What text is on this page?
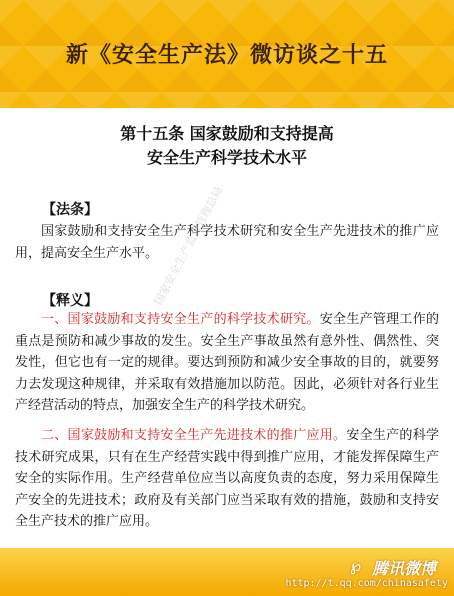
新《安全生产法》微访谈之十五
第十五条 国家鼓励和支持提高
安全生产科学技术水平
【法条】
国家鼓励和支持安全生产科学技术研究和安全生产先进技术的推广应用，提高安全生产水平。
【释义】
一、国家鼓励和支持安全生产的科学技术研究。安全生产管理工作的重点是预防和减少事故的发生。安全生产事故虽然有意外性、偶然性、突发性，但它也有一定的规律。要达到预防和减少安全事故的目的，就要努力去发现这种规律，并采取有效措施加以防范。因此，必须针对各行业生产经营活动的特点，加强安全生产的科学技术研究。
二、国家鼓励和支持安全生产先进技术的推广应用。安全生产的科学技术研究成果，只有在生产经营实践中得到推广应用，才能发挥保障生产安全的实际作用。生产经营单位应当以高度负责的态度，努力采用保障生产安全的先进技术；政府及有关部门应当采取有效的措施，鼓励和支持安全生产技术的推广应用。
国家安全生产监督管理总局
℘ 腾讯微博
http://t.qq.com/chinasafety
